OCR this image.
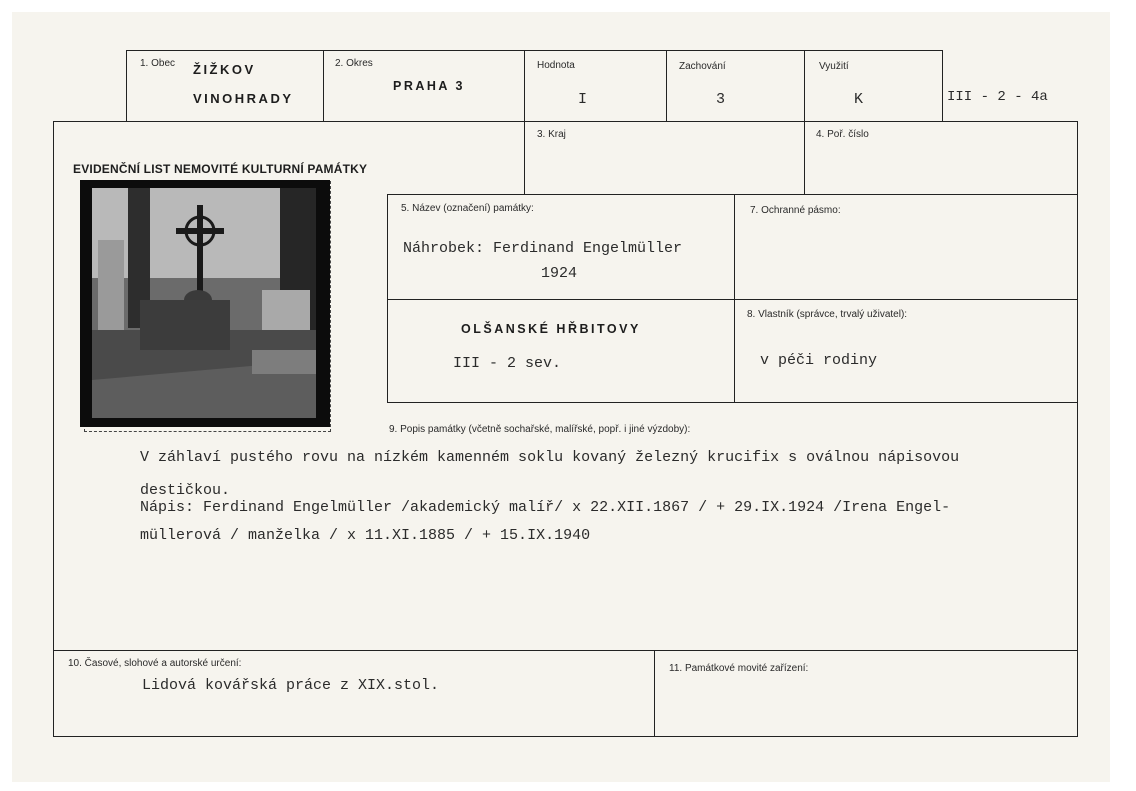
1. Obec ŽIŽKOV
VINOHRADY
2. Okres
PRAHA 3
Hodnota
I
Zachování
3
Využití
K	III - 2 - 4a
3. Kraj	4. Poř. číslo
EVIDENČNÍ LIST NEMOVITÉ KULTURNÍ PAMÁTKY
5. Název (označení) památky:
Náhrobek: Ferdinand Engelmüller
1924
7. Ochranné pásmo:
OLŠANSKÉ HŘBITOVY
III - 2 sev.
8. Vlastník (správce, trvalý uživatel):
v péči rodiny
9. Popis památky (včetně sochařské, malířské, popř. i jiné výzdoby):
V záhlaví pustého rovu na nízkém kamenném soklu kovaný železný krucifix s oválnou nápisovou
destičkou.
Nápis: Ferdinand Engelmüller /akademický malíř/ x 22.XII.1867 / + 29.IX.1924 /Irena Engel-
müllerová / manželka / x 11.XI.1885 / + 15.IX.1940
10. Časové, slohové a autorské určení:
Lidová kovářská práce z XIX.stol.
11. Památkové movité zařízení:
